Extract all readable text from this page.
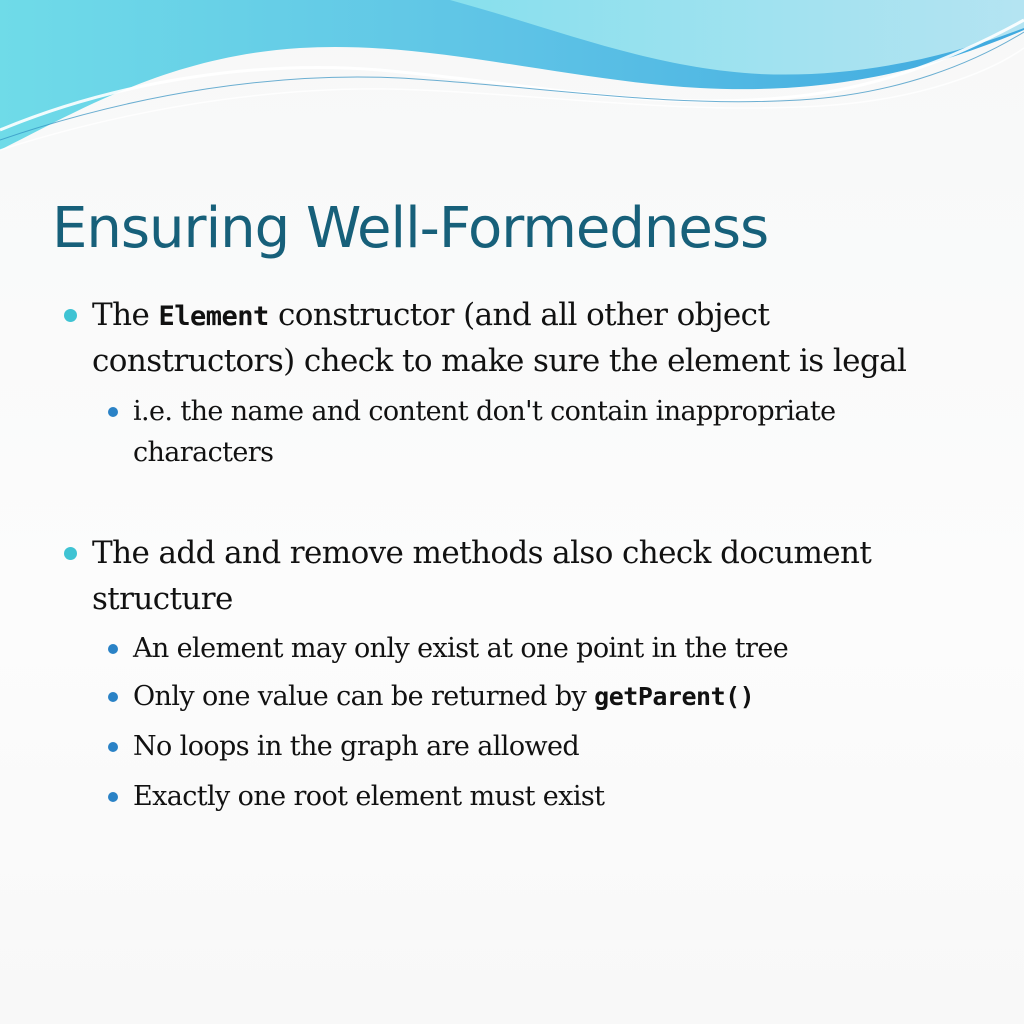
Ensuring Well-Formedness

The Element constructor (and all other object

constructors) check to make sure the element is legal

i.e. the name and content don't contain inappropriate

characters

The add and remove methods also check document

structure

An element may only exist at one point in the tree

Only one value can be returned by getParent()

No loops in the graph are allowed

Exactly one root element must exist
